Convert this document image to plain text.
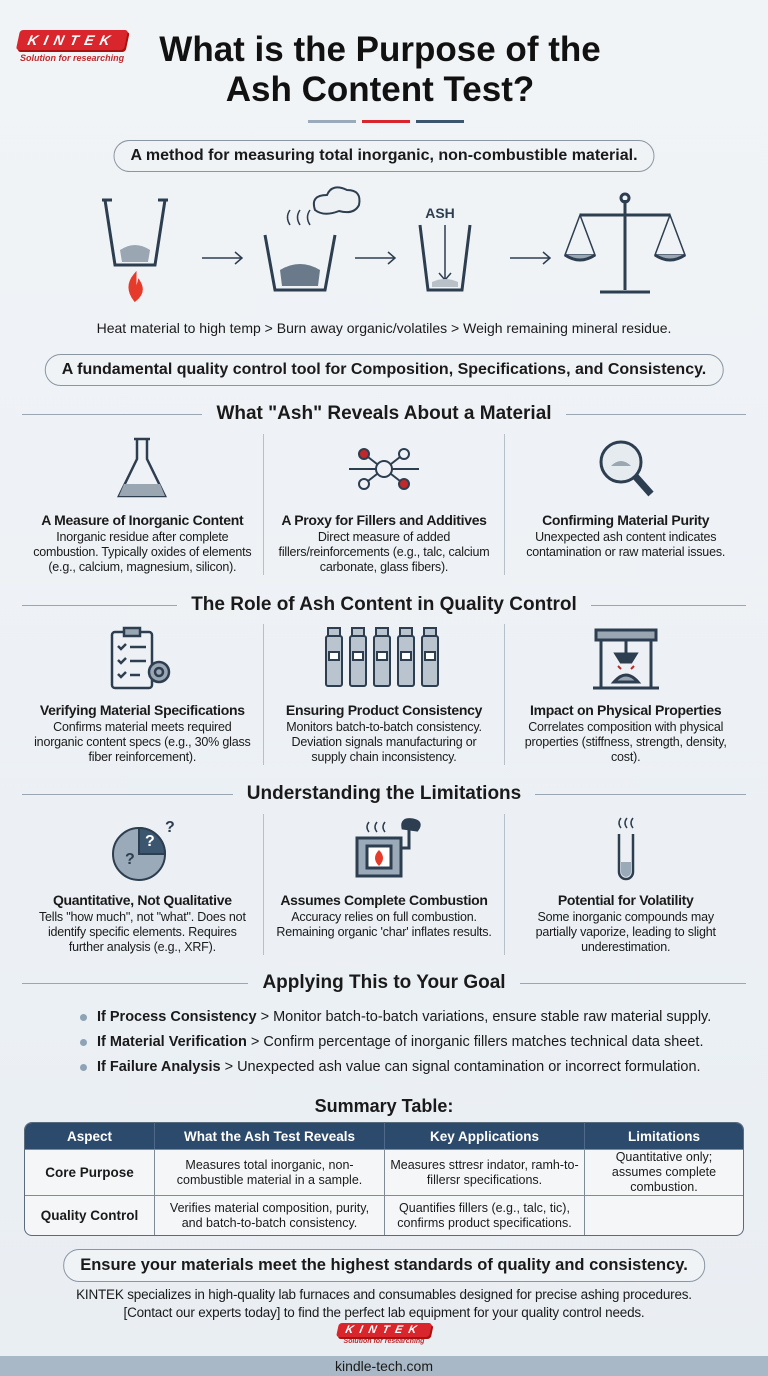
KINTEK
Solution for researching What is the Purpose of the Ash Content Test?
A method for measuring total inorganic, non-combustible material.
ASH
Heat material to high temp > Burn away organic/volatiles > Weigh remaining mineral residue.
A fundamental quality control tool for Composition, Specifications, and Consistency.
What "Ash" Reveals About a Material
A Measure of Inorganic Content

Inorganic residue after complete combustion. Typically oxides of elements (e.g., calcium, magnesium, silicon).

A Proxy for Fillers and Additives

Direct measure of added fillers/reinforcements (e.g., talc, calcium carbonate, glass fibers).

Confirming Material Purity

Unexpected ash content indicates contamination or raw material issues.

The Role of Ash Content in Quality Control
Verifying Material Specifications

Confirms material meets required inorganic content specs (e.g., 30% glass fiber reinforcement).

Ensuring Product Consistency

Monitors batch-to-batch consistency. Deviation signals manufacturing or supply chain inconsistency.

Impact on Physical Properties

Correlates composition with physical properties (stiffness, strength, density, cost).

Understanding the Limitations
?
?
?
Quantitative, Not Qualitative

Tells "how much", not "what". Does not identify specific elements. Requires further analysis (e.g., XRF).

Assumes Complete Combustion

Accuracy relies on full combustion. Remaining organic 'char' inflates results.

Potential for Volatility

Some inorganic compounds may partially vaporize, leading to slight underestimation.

Applying This to Your Goal
If Process Consistency > Monitor batch-to-batch variations, ensure stable raw material supply.
If Material Verification > Confirm percentage of inorganic fillers matches technical data sheet.
If Failure Analysis > Unexpected ash value can signal contamination or incorrect formulation.
Summary Table:
Aspect	What the Ash Test Reveals	Key Applications	Limitations
Core Purpose	Measures total inorganic, non-combustible material in a sample.	Measures sttresr indator, ramh-to-fillersr specifications.	Quantitative only; assumes complete combustion.
Quality Control	Verifies material composition, purity, and batch-to-batch consistency.	Quantifies fillers (e.g., talc, tic), confirms product specifications.	
Ensure your materials meet the highest standards of quality and consistency.
KINTEK specializes in high-quality lab furnaces and consumables designed for precise ashing procedures.
[Contact our experts today] to find the perfect lab equipment for your quality control needs.
KINTEK
Solution for researching
kindle-tech.com
